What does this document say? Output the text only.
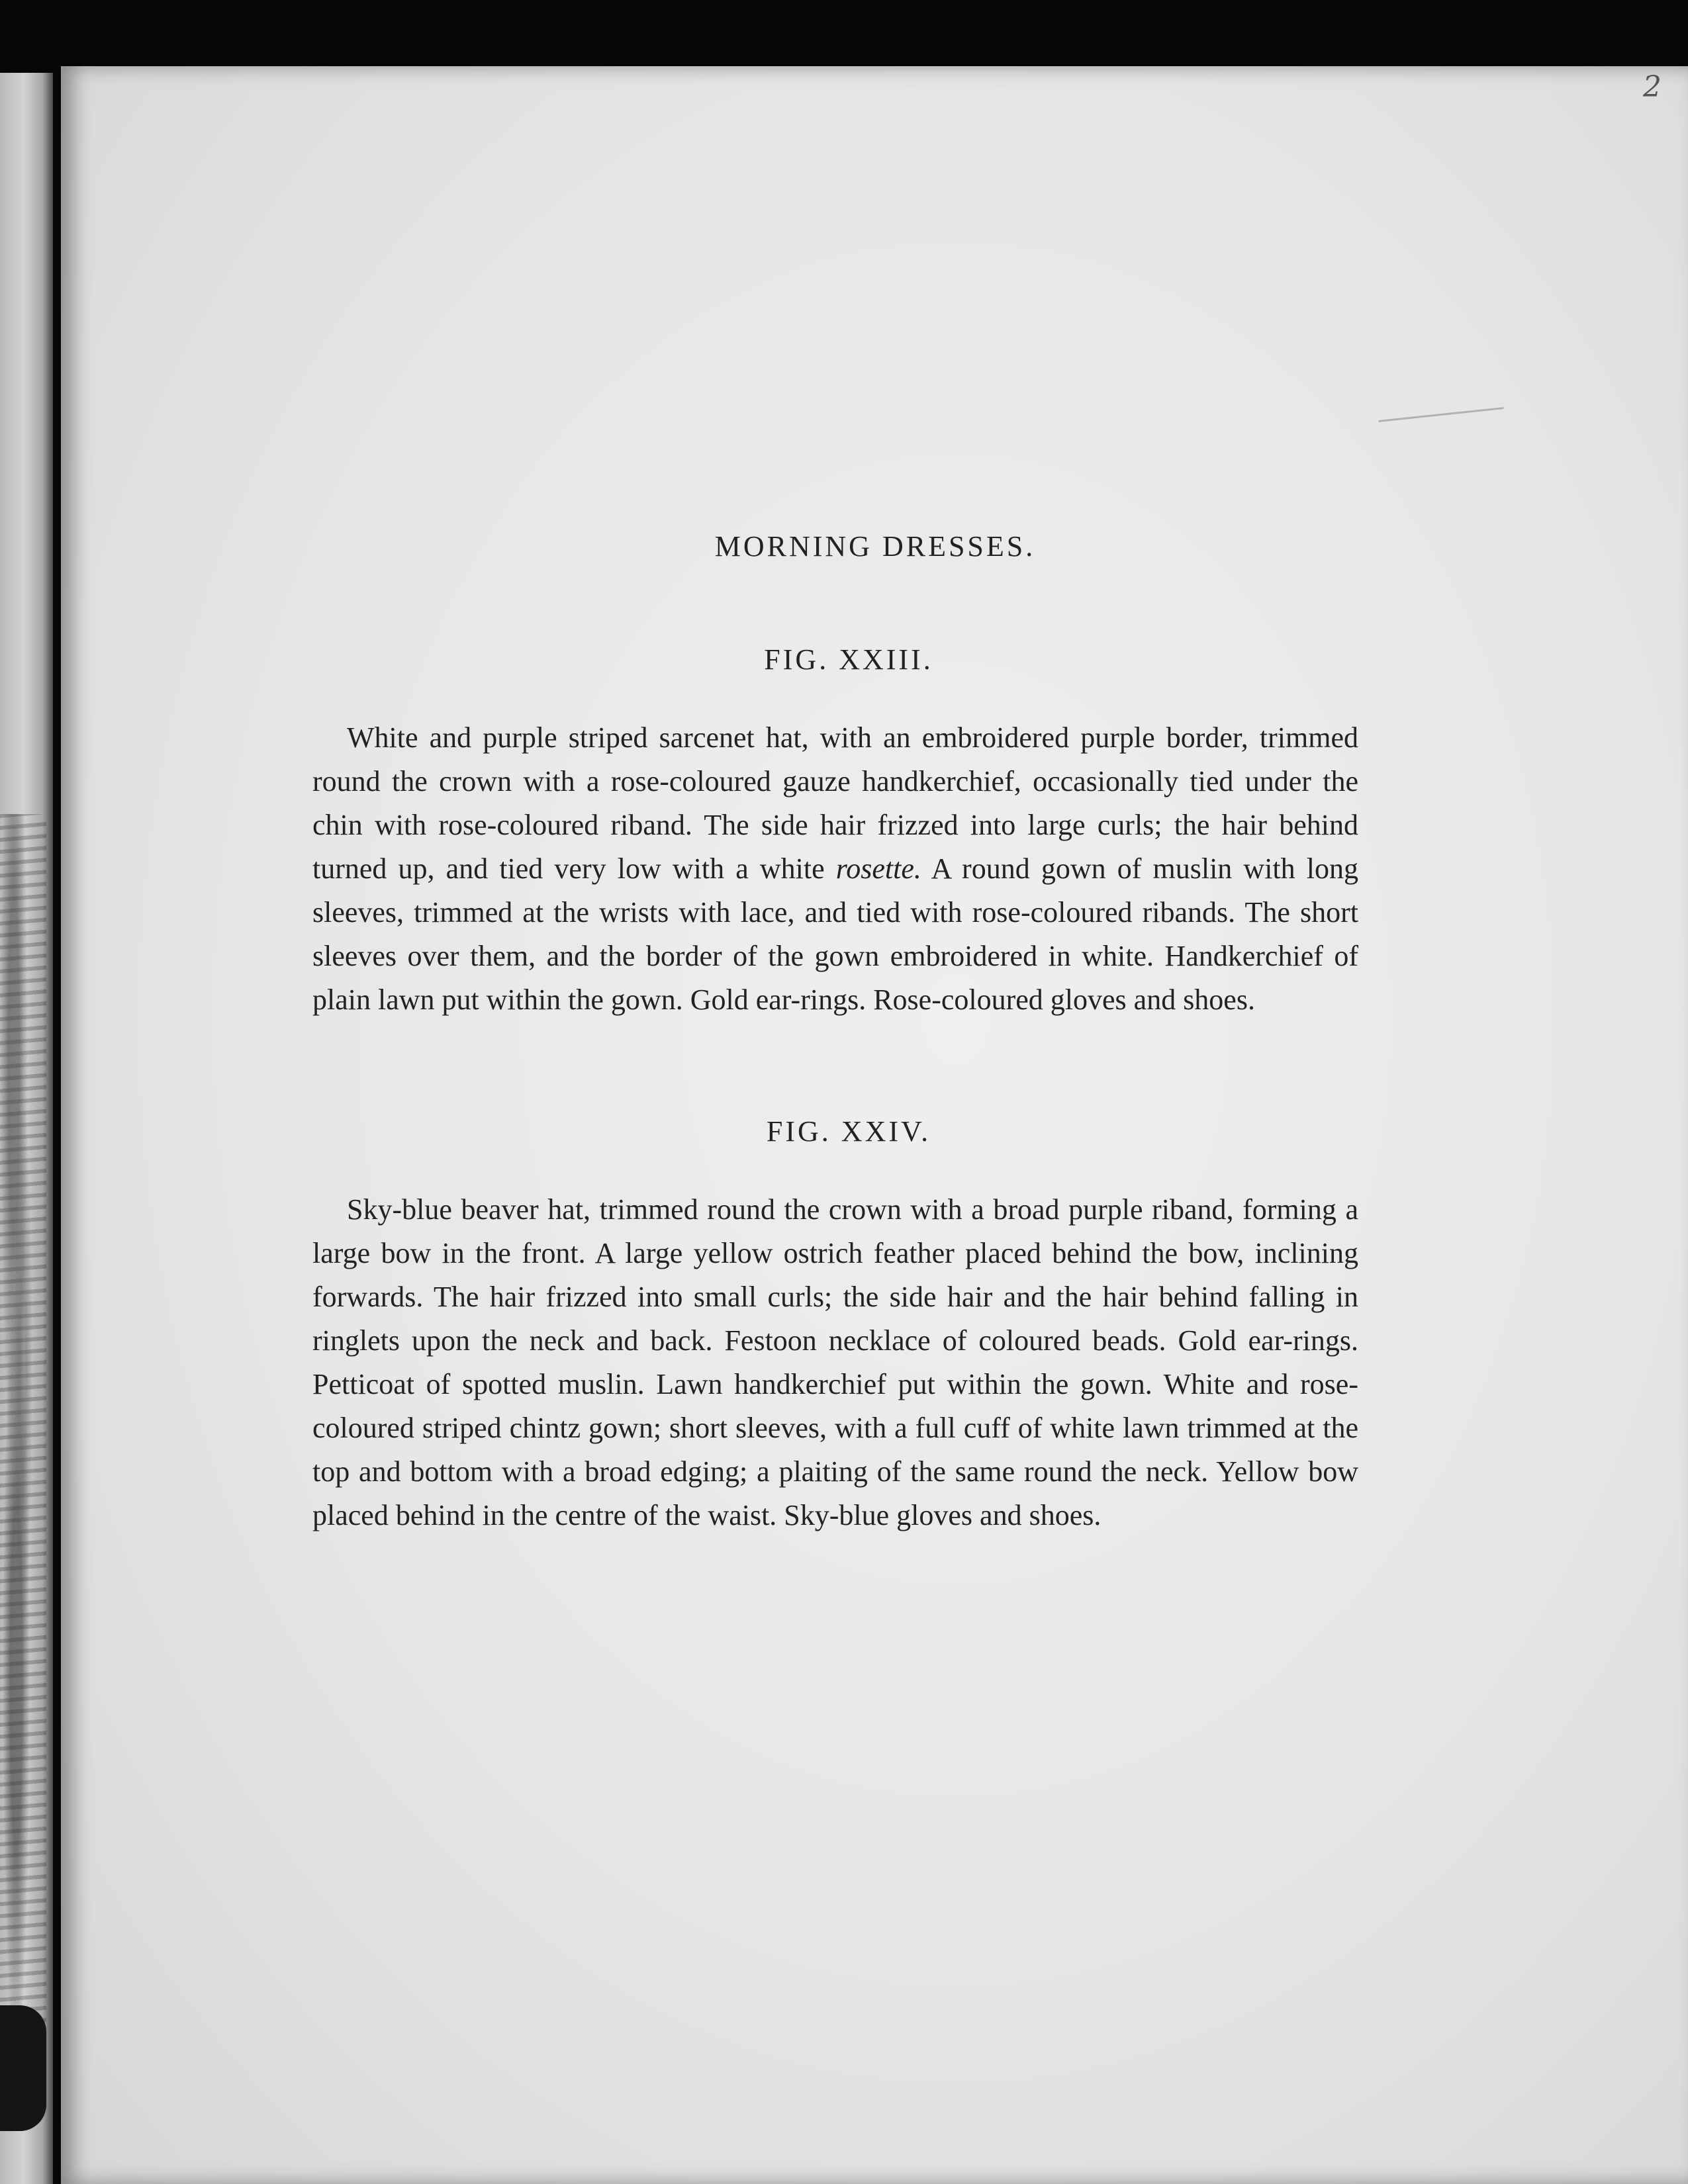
2
MORNING DRESSES.
FIG. XXIII.

White and purple striped sarcenet hat, with an embroidered purple border, trimmed round the crown with a rose-coloured gauze handkerchief, occasionally tied under the chin with rose-coloured riband. The side hair frizzed into large curls; the hair behind turned up, and tied very low with a white rosette. A round gown of muslin with long sleeves, trimmed at the wrists with lace, and tied with rose-coloured ribands. The short sleeves over them, and the border of the gown embroidered in white. Handkerchief of plain lawn put within the gown. Gold ear-rings. Rose-coloured gloves and shoes.

FIG. XXIV.

Sky-blue beaver hat, trimmed round the crown with a broad purple riband, forming a large bow in the front. A large yellow ostrich feather placed behind the bow, inclining forwards. The hair frizzed into small curls; the side hair and the hair behind falling in ringlets upon the neck and back. Festoon necklace of coloured beads. Gold ear-rings. Petticoat of spotted muslin. Lawn handkerchief put within the gown. White and rose-coloured striped chintz gown; short sleeves, with a full cuff of white lawn trimmed at the top and bottom with a broad edging; a plaiting of the same round the neck. Yellow bow placed behind in the centre of the waist. Sky-blue gloves and shoes.
